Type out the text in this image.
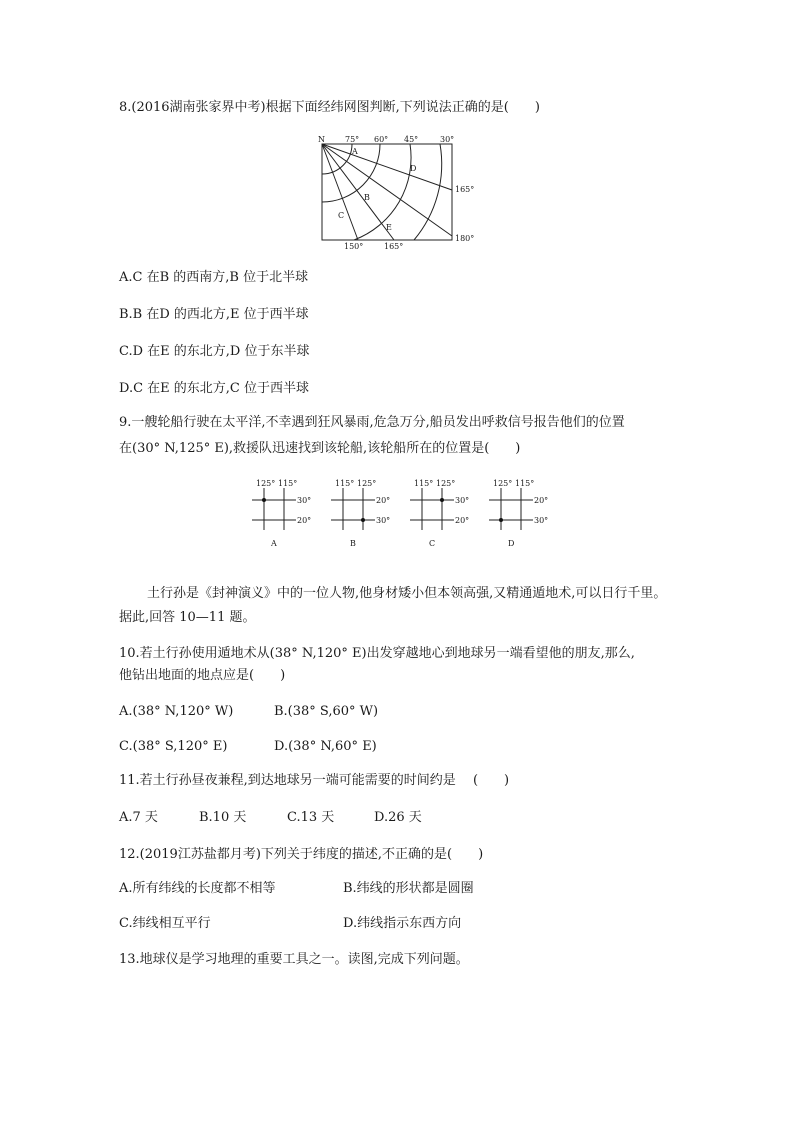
8.(2016湖南张家界中考)根据下面经纬网图判断,下列说法正确的是(　　)
N	75° 60° 45°	30°
165°
180°
150°	165°
A
B
C
D
E
A.C 在B 的西南方,B 位于北半球
B.B 在D 的西北方,E 位于西半球
C.D 在E 的东北方,D 位于东半球
D.C 在E 的东北方,C 位于西半球
9.一艘轮船行驶在太平洋,不幸遇到狂风暴雨,危急万分,船员发出呼救信号报告他们的位置
在(30° N,125° E),救援队迅速找到该轮船,该轮船所在的位置是(　　)
125° 115°
30°
20°
A
115° 125°
20°
30°
B
115° 125°
30°
20°
C
125° 115°
20°
30°
D
土行孙是《封神演义》中的一位人物,他身材矮小但本领高强,又精通遁地术,可以日行千里。据此,回答 10—11 题。
10.若土行孙使用遁地术从(38° N,120° E)出发穿越地心到地球另一端看望他的朋友,那么,
他钻出地面的地点应是(　　)
A.(38° N,120° W)	B.(38° S,60° W)
C.(38° S,120° E)	D.(38° N,60° E)
11.若土行孙昼夜兼程,到达地球另一端可能需要的时间约是　 (　　)
A.7 天	B.10 天	C.13 天	D.26 天
12.(2019江苏盐都月考)下列关于纬度的描述,不正确的是(　　)
A.所有纬线的长度都不相等	B.纬线的形状都是圆圈
C.纬线相互平行	D.纬线指示东西方向
13.地球仪是学习地理的重要工具之一。读图,完成下列问题。
